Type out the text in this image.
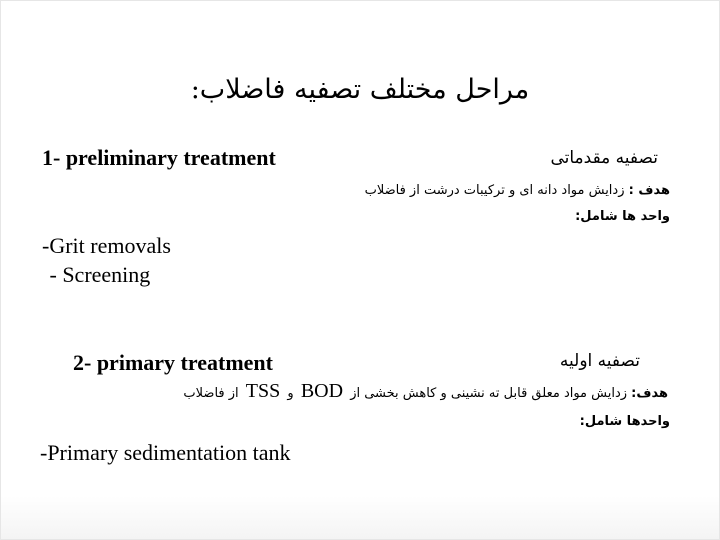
مراحل مختلف تصفیه فاضلاب:
1- preliminary treatment	تصفیه مقدماتی
هدف : زدایش مواد دانه ای و ترکیبات درشت از فاضلاب
واحد ها شامل:
-Grit removals
- Screening
2- primary treatment	تصفیه اولیه
هدف: زدایش مواد معلق قابل ته نشینی و کاهش بخشی از BOD و TSS از فاضلاب
واحدها شامل:
-Primary sedimentation tank
